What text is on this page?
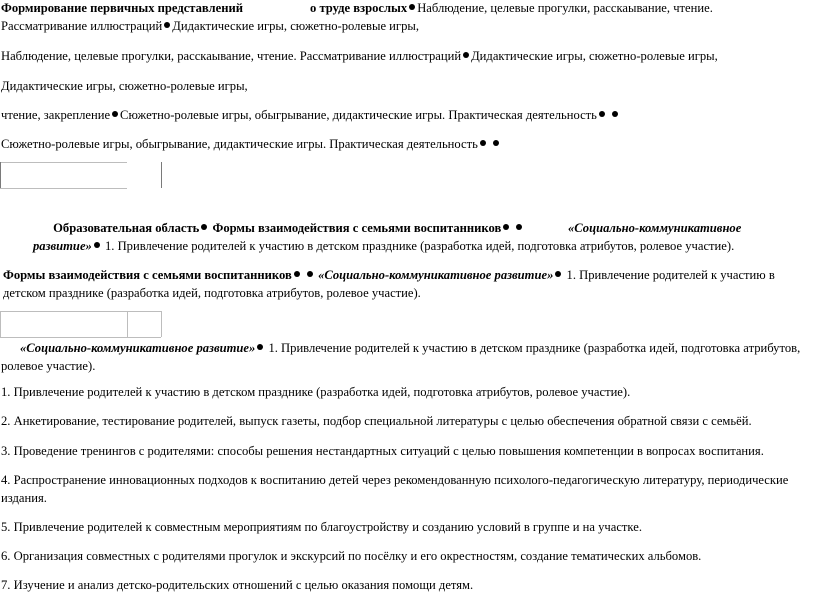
Формирование первичных представлений	о труде взрослых Наблюдение, целевые прогулки, расскаывание, чтение.
Рассматривание иллюстраций Дидактические игры, сюжетно-ролевые игры,
Наблюдение, целевые прогулки, расскаывание, чтение. Рассматривание иллюстраций Дидактические игры, сюжетно-ролевые игры,
Дидактические игры, сюжетно-ролевые игры,
чтение, закрепление Сюжетно-ролевые игры, обыгрывание, дидактические игры. Практическая деятельность
Сюжетно-ролевые игры, обыгрывание, дидактические игры. Практическая деятельность
Образовательная область Формы взаимодействия с семьями воспитанников	«Социально-коммуникативное
развитие» 1. Привлечение родителей к участию в детском празднике (разработка идей, подготовка атрибутов, ролевое участие).
Формы взаимодействия с семьями воспитанников «Социально-коммуникативное развитие» 1. Привлечение родителей к участию в детском празднике (разработка идей, подготовка атрибутов, ролевое участие).
«Социально-коммуникативное развитие» 1. Привлечение родителей к участию в детском празднике (разработка идей, подготовка атрибутов, ролевое участие).
1. Привлечение родителей к участию в детском празднике (разработка идей, подготовка атрибутов, ролевое участие).
2. Анкетирование, тестирование родителей, выпуск газеты, подбор специальной литературы с целью обеспечения обратной связи с семьёй.
3. Проведение тренингов с родителями: способы решения нестандартных ситуаций с целью повышения компетенции в вопросах воспитания.
4. Распространение инновационных подходов к воспитанию детей через рекомендованную психолого-педагогическую литературу, периодические издания.
5. Привлечение родителей к совместным мероприятиям по благоустройству и созданию условий в группе и на участке.
6. Организация совместных с родителями прогулок и экскурсий по посёлку и его окрестностям, создание тематических альбомов.
7. Изучение и анализ детско-родительских отношений с целью оказания помощи детям.
